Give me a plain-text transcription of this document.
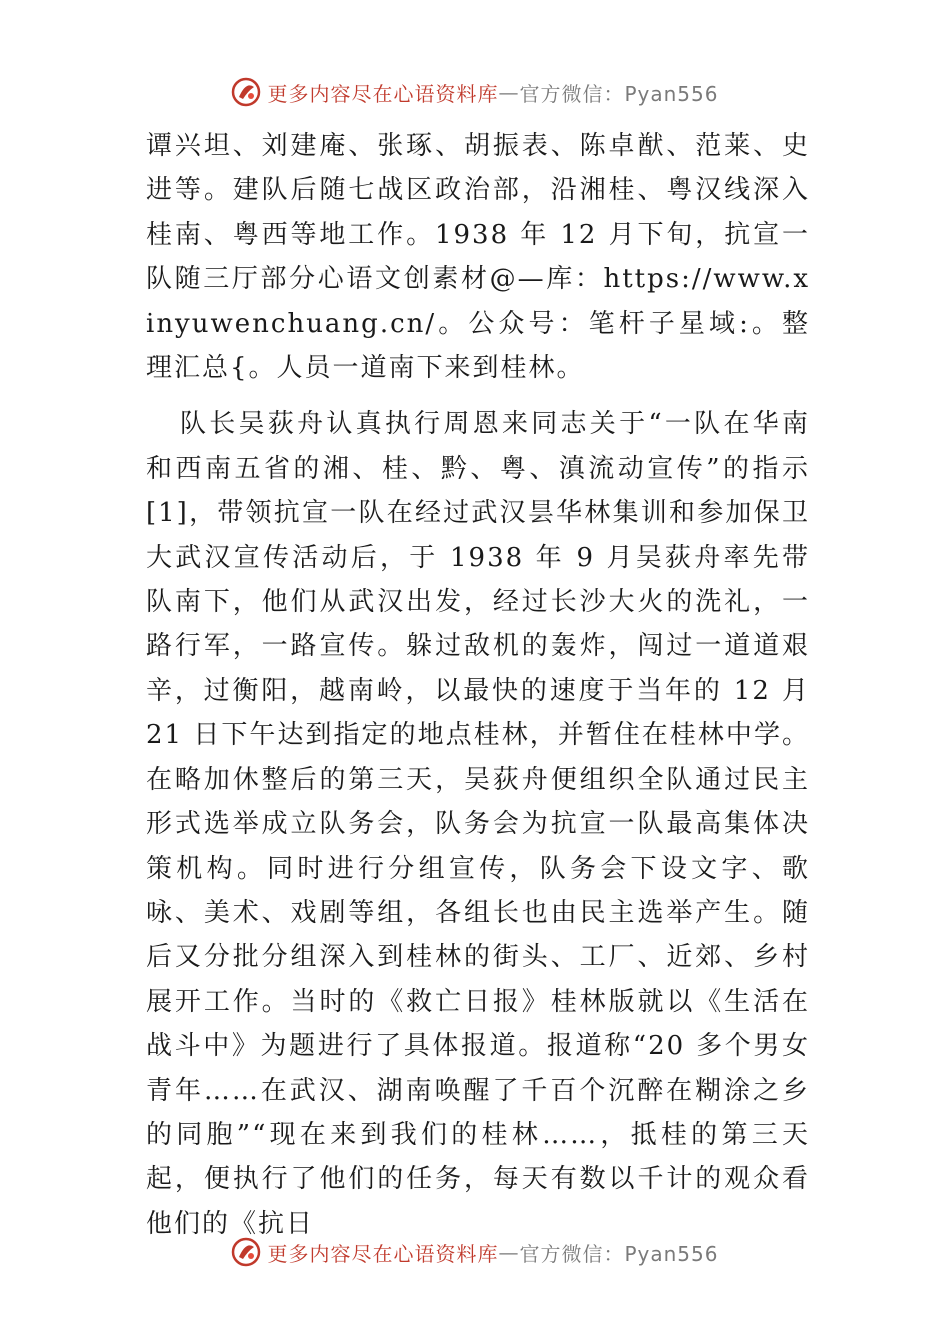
更多内容尽在心语资料库 — 官方微信：Pyan556

谭兴坦、刘建庵、张琢、胡振表、陈卓猷、范莱、史进等。建队后随七战区政治部，沿湘桂、粤汉线深入桂南、粤西等地工作。1938 年 12 月下旬，抗宣一队随三厅部分心语文创素材@—库：https://www.xinyuwenchuang.cn/。公众号：笔杆子星域:。整理汇总{。人员一道南下来到桂林。

队长吴荻舟认真执行周恩来同志关于“一队在华南和西南五省的湘、桂、黔、粤、滇流动宣传”的指示[1]，带领抗宣一队在经过武汉昙华林集训和参加保卫大武汉宣传活动后，于 1938 年 9 月吴荻舟率先带队南下，他们从武汉出发，经过长沙大火的洗礼，一路行军，一路宣传。躲过敌机的轰炸，闯过一道道艰辛，过衡阳，越南岭，以最快的速度于当年的 12 月 21 日下午达到指定的地点桂林，并暂住在桂林中学。在略加休整后的第三天，吴荻舟便组织全队通过民主形式选举成立队务会，队务会为抗宣一队最高集体决策机构。同时进行分组宣传，队务会下设文字、歌咏、美术、戏剧等组，各组长也由民主选举产生。随后又分批分组深入到桂林的街头、工厂、近郊、乡村展开工作。当时的《救亡日报》桂林版就以《生活在战斗中》为题进行了具体报道。报道称“20 多个男女青年……在武汉、湖南唤醒了千百个沉醉在糊涂之乡的同胞”“现在来到我们的桂林……，抵桂的第三天起，便执行了他们的任务，每天有数以千计的观众看他们的《抗日

更多内容尽在心语资料库 — 官方微信：Pyan556
